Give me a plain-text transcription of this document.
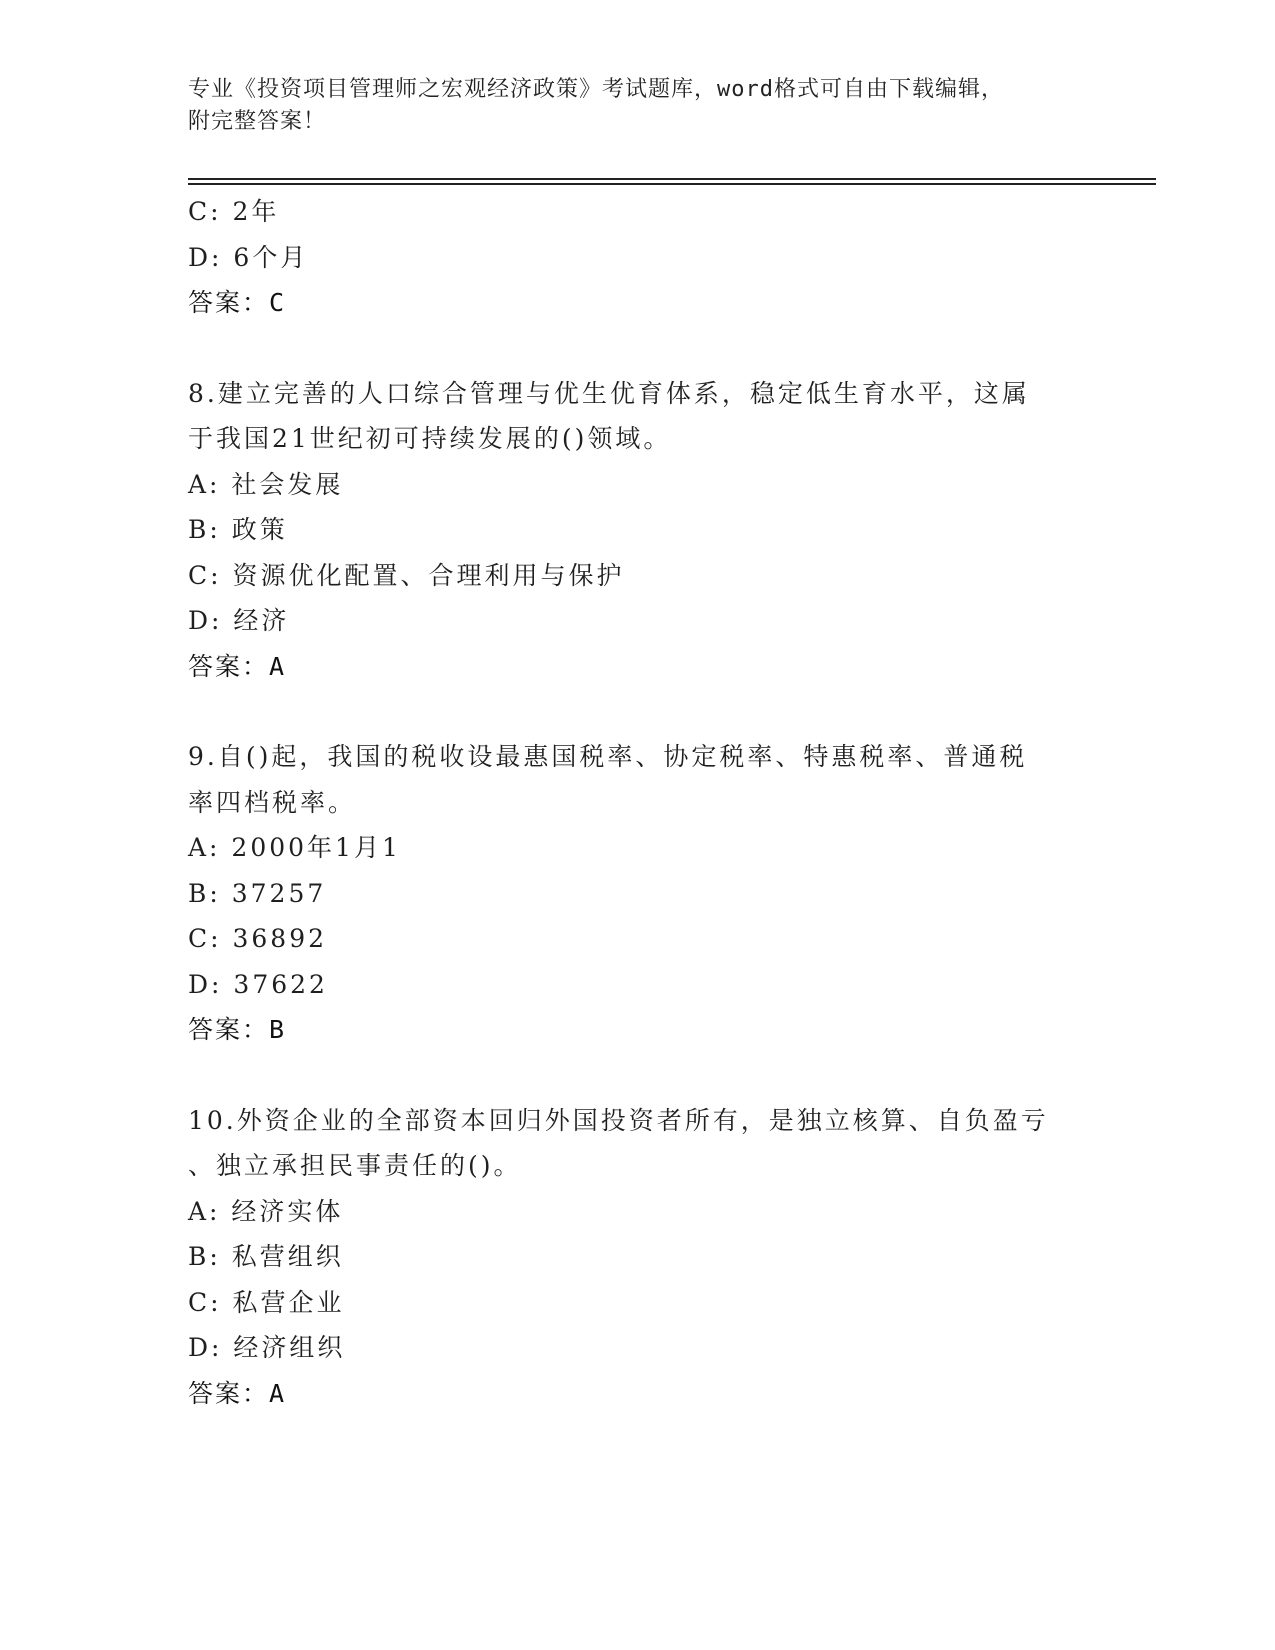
专业《投资项目管理师之宏观经济政策》考试题库，word格式可自由下载编辑，
附完整答案！
C: 2年
D: 6个月
答案：C
8.建立完善的人口综合管理与优生优育体系，稳定低生育水平，这属
于我国21世纪初可持续发展的()领域。
A: 社会发展
B: 政策
C: 资源优化配置、合理利用与保护
D: 经济
答案：A
9.自()起，我国的税收设最惠国税率、协定税率、特惠税率、普通税
率四档税率。
A: 2000年1月1
B: 37257
C: 36892
D: 37622
答案：B
10.外资企业的全部资本回归外国投资者所有，是独立核算、自负盈亏
、独立承担民事责任的()。
A: 经济实体
B: 私营组织
C: 私营企业
D: 经济组织
答案：A
